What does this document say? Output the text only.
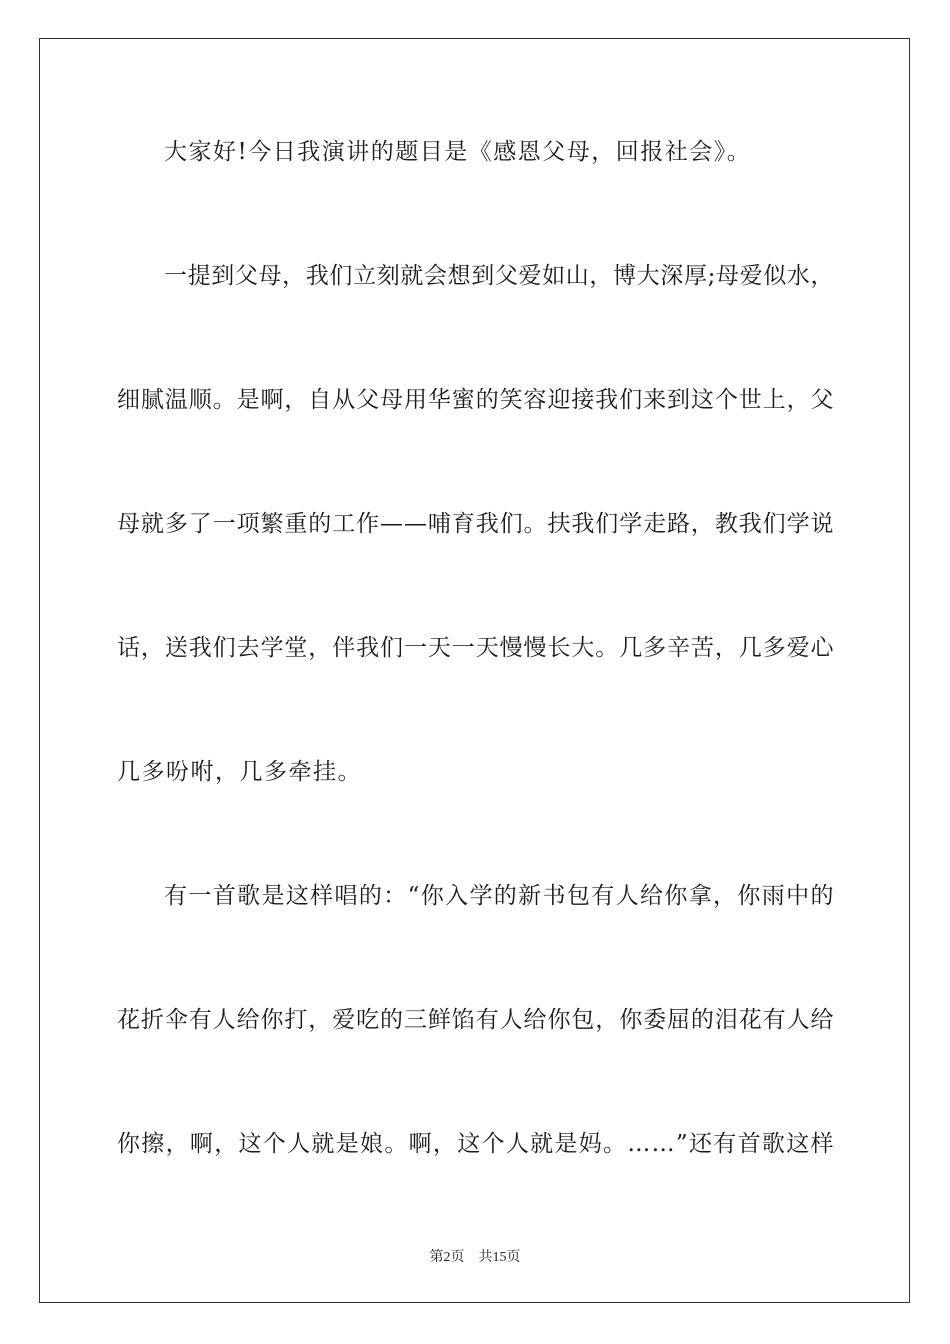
大家好!今日我演讲的题目是《感恩父母，回报社会》。

一提到父母，我们立刻就会想到父爱如山，博大深厚;母爱似水，

细腻温顺。是啊，自从父母用华蜜的笑容迎接我们来到这个世上，父

母就多了一项繁重的工作——哺育我们。扶我们学走路，教我们学说

话，送我们去学堂，伴我们一天一天慢慢长大。几多辛苦，几多爱心

几多吩咐，几多牵挂。

有一首歌是这样唱的：“你入学的新书包有人给你拿，你雨中的

花折伞有人给你打，爱吃的三鲜馅有人给你包，你委屈的泪花有人给

你擦，啊，这个人就是娘。啊，这个人就是妈。……”还有首歌这样

第2页 共15页
